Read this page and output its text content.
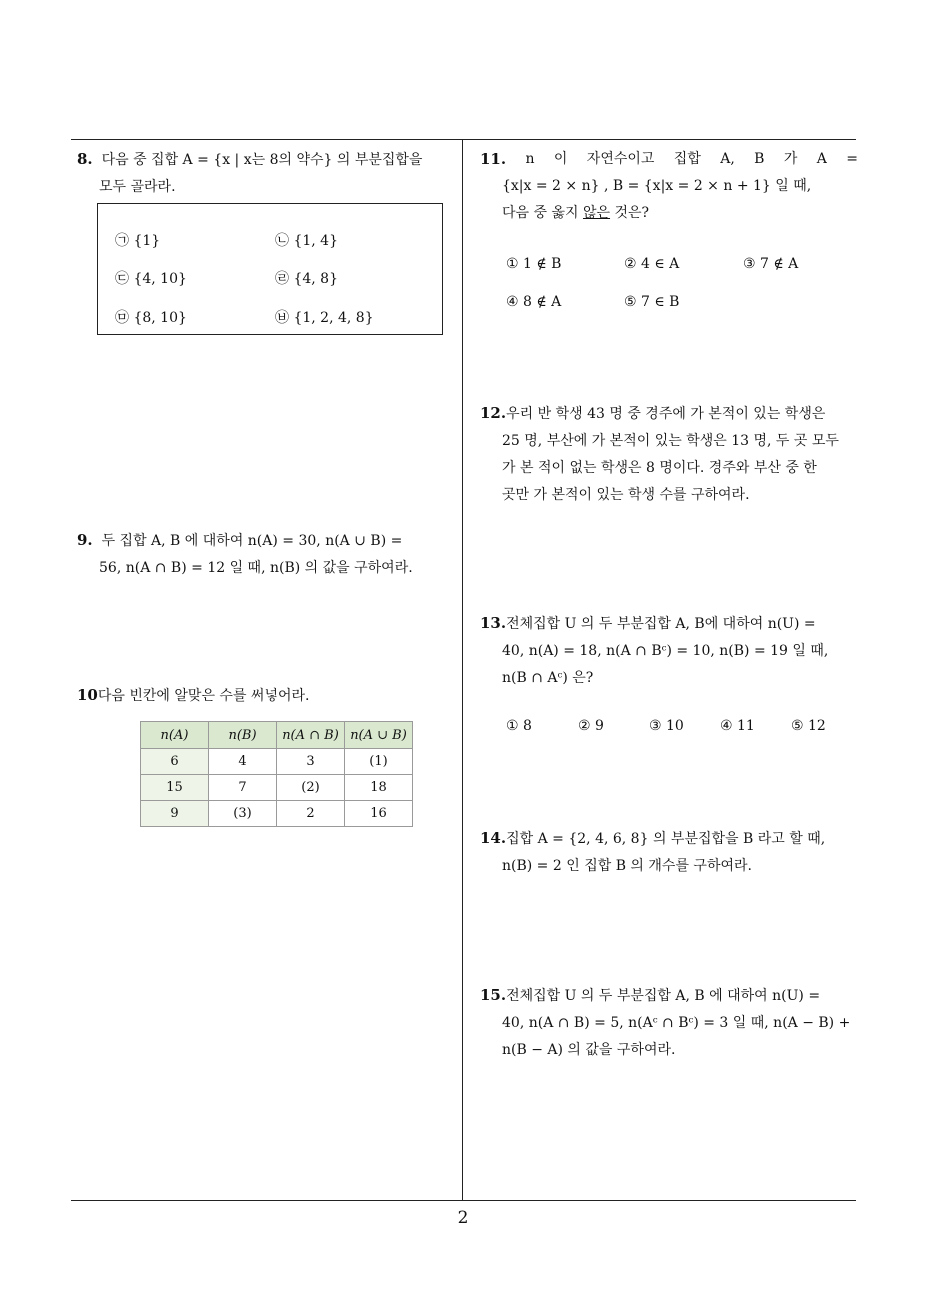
8. 다음 중 집합 A = {x | x는 8의 약수} 의 부분집합을
모두 골라라.
㉠ {1}	㉡ {1, 4}
㉢ {4, 10}	㉣ {4, 8}
㉤ {8, 10}	㉥ {1, 2, 4, 8}
9. 두 집합 A, B 에 대하여 n(A) = 30, n(A ∪ B) =
56, n(A ∩ B) = 12 일 때, n(B) 의 값을 구하여라.
10다음 빈칸에 알맞은 수를 써넣어라.
n(A)	n(B)	n(A ∩ B)	n(A ∪ B)
6	4	3	(1)
15	7	(2)	18
9	(3)	2	16
11. n 이 자연수이고 집합 A, B 가 A =
{x|x = 2 × n} , B = {x|x = 2 × n + 1} 일 때,
다음 중 옳지 않은 것은?
① 1 ∉ B	② 4 ∈ A	③ 7 ∉ A
④ 8 ∉ A	⑤ 7 ∈ B
12.우리 반 학생 43 명 중 경주에 가 본적이 있는 학생은
25 명, 부산에 가 본적이 있는 학생은 13 명, 두 곳 모두
가 본 적이 없는 학생은 8 명이다. 경주와 부산 중 한
곳만 가 본적이 있는 학생 수를 구하여라.
13.전체집합 U 의 두 부분집합 A, B에 대하여 n(U) =
40, n(A) = 18, n(A ∩ Bᶜ) = 10, n(B) = 19 일 때,
n(B ∩ Aᶜ) 은?
① 8	② 9	③ 10	④ 11	⑤ 12
14.집합 A = {2, 4, 6, 8} 의 부분집합을 B 라고 할 때,
n(B) = 2 인 집합 B 의 개수를 구하여라.
15.전체집합 U 의 두 부분집합 A, B 에 대하여 n(U) =
40, n(A ∩ B) = 5, n(Aᶜ ∩ Bᶜ) = 3 일 때, n(A − B) +
n(B − A) 의 값을 구하여라.
2
